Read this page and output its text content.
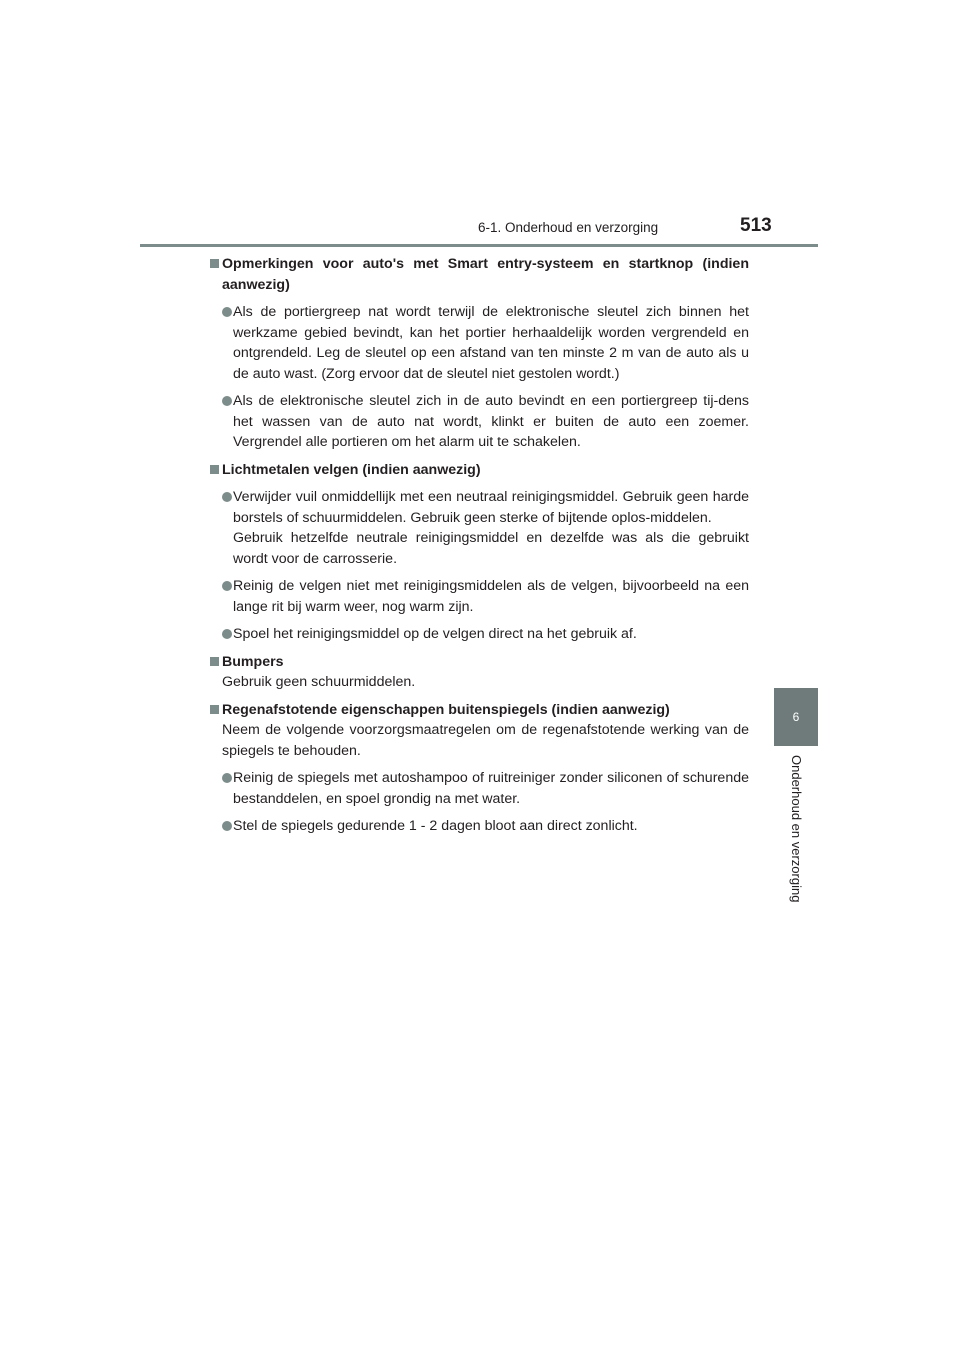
6-1. Onderhoud en verzorging	513
6
Onderhoud en verzorging
Opmerkingen voor auto's met Smart entry-systeem en startknop (indien aanwezig)
Als de portiergreep nat wordt terwijl de elektronische sleutel zich binnen het werkzame gebied bevindt, kan het portier herhaaldelijk worden vergrendeld en ontgrendeld. Leg de sleutel op een afstand van ten minste 2 m van de auto als u de auto wast. (Zorg ervoor dat de sleutel niet gestolen wordt.)
Als de elektronische sleutel zich in de auto bevindt en een portiergreep tij-dens het wassen van de auto nat wordt, klinkt er buiten de auto een zoemer. Vergrendel alle portieren om het alarm uit te schakelen.
Lichtmetalen velgen (indien aanwezig)
Verwijder vuil onmiddellijk met een neutraal reinigingsmiddel. Gebruik geen harde borstels of schuurmiddelen. Gebruik geen sterke of bijtende oplos-middelen.
Gebruik hetzelfde neutrale reinigingsmiddel en dezelfde was als die gebruikt wordt voor de carrosserie.
Reinig de velgen niet met reinigingsmiddelen als de velgen, bijvoorbeeld na een lange rit bij warm weer, nog warm zijn.
Spoel het reinigingsmiddel op de velgen direct na het gebruik af.
Bumpers
Gebruik geen schuurmiddelen.
Regenafstotende eigenschappen buitenspiegels (indien aanwezig)
Neem de volgende voorzorgsmaatregelen om de regenafstotende werking van de spiegels te behouden.
Reinig de spiegels met autoshampoo of ruitreiniger zonder siliconen of schurende bestanddelen, en spoel grondig na met water.
Stel de spiegels gedurende 1 - 2 dagen bloot aan direct zonlicht.
